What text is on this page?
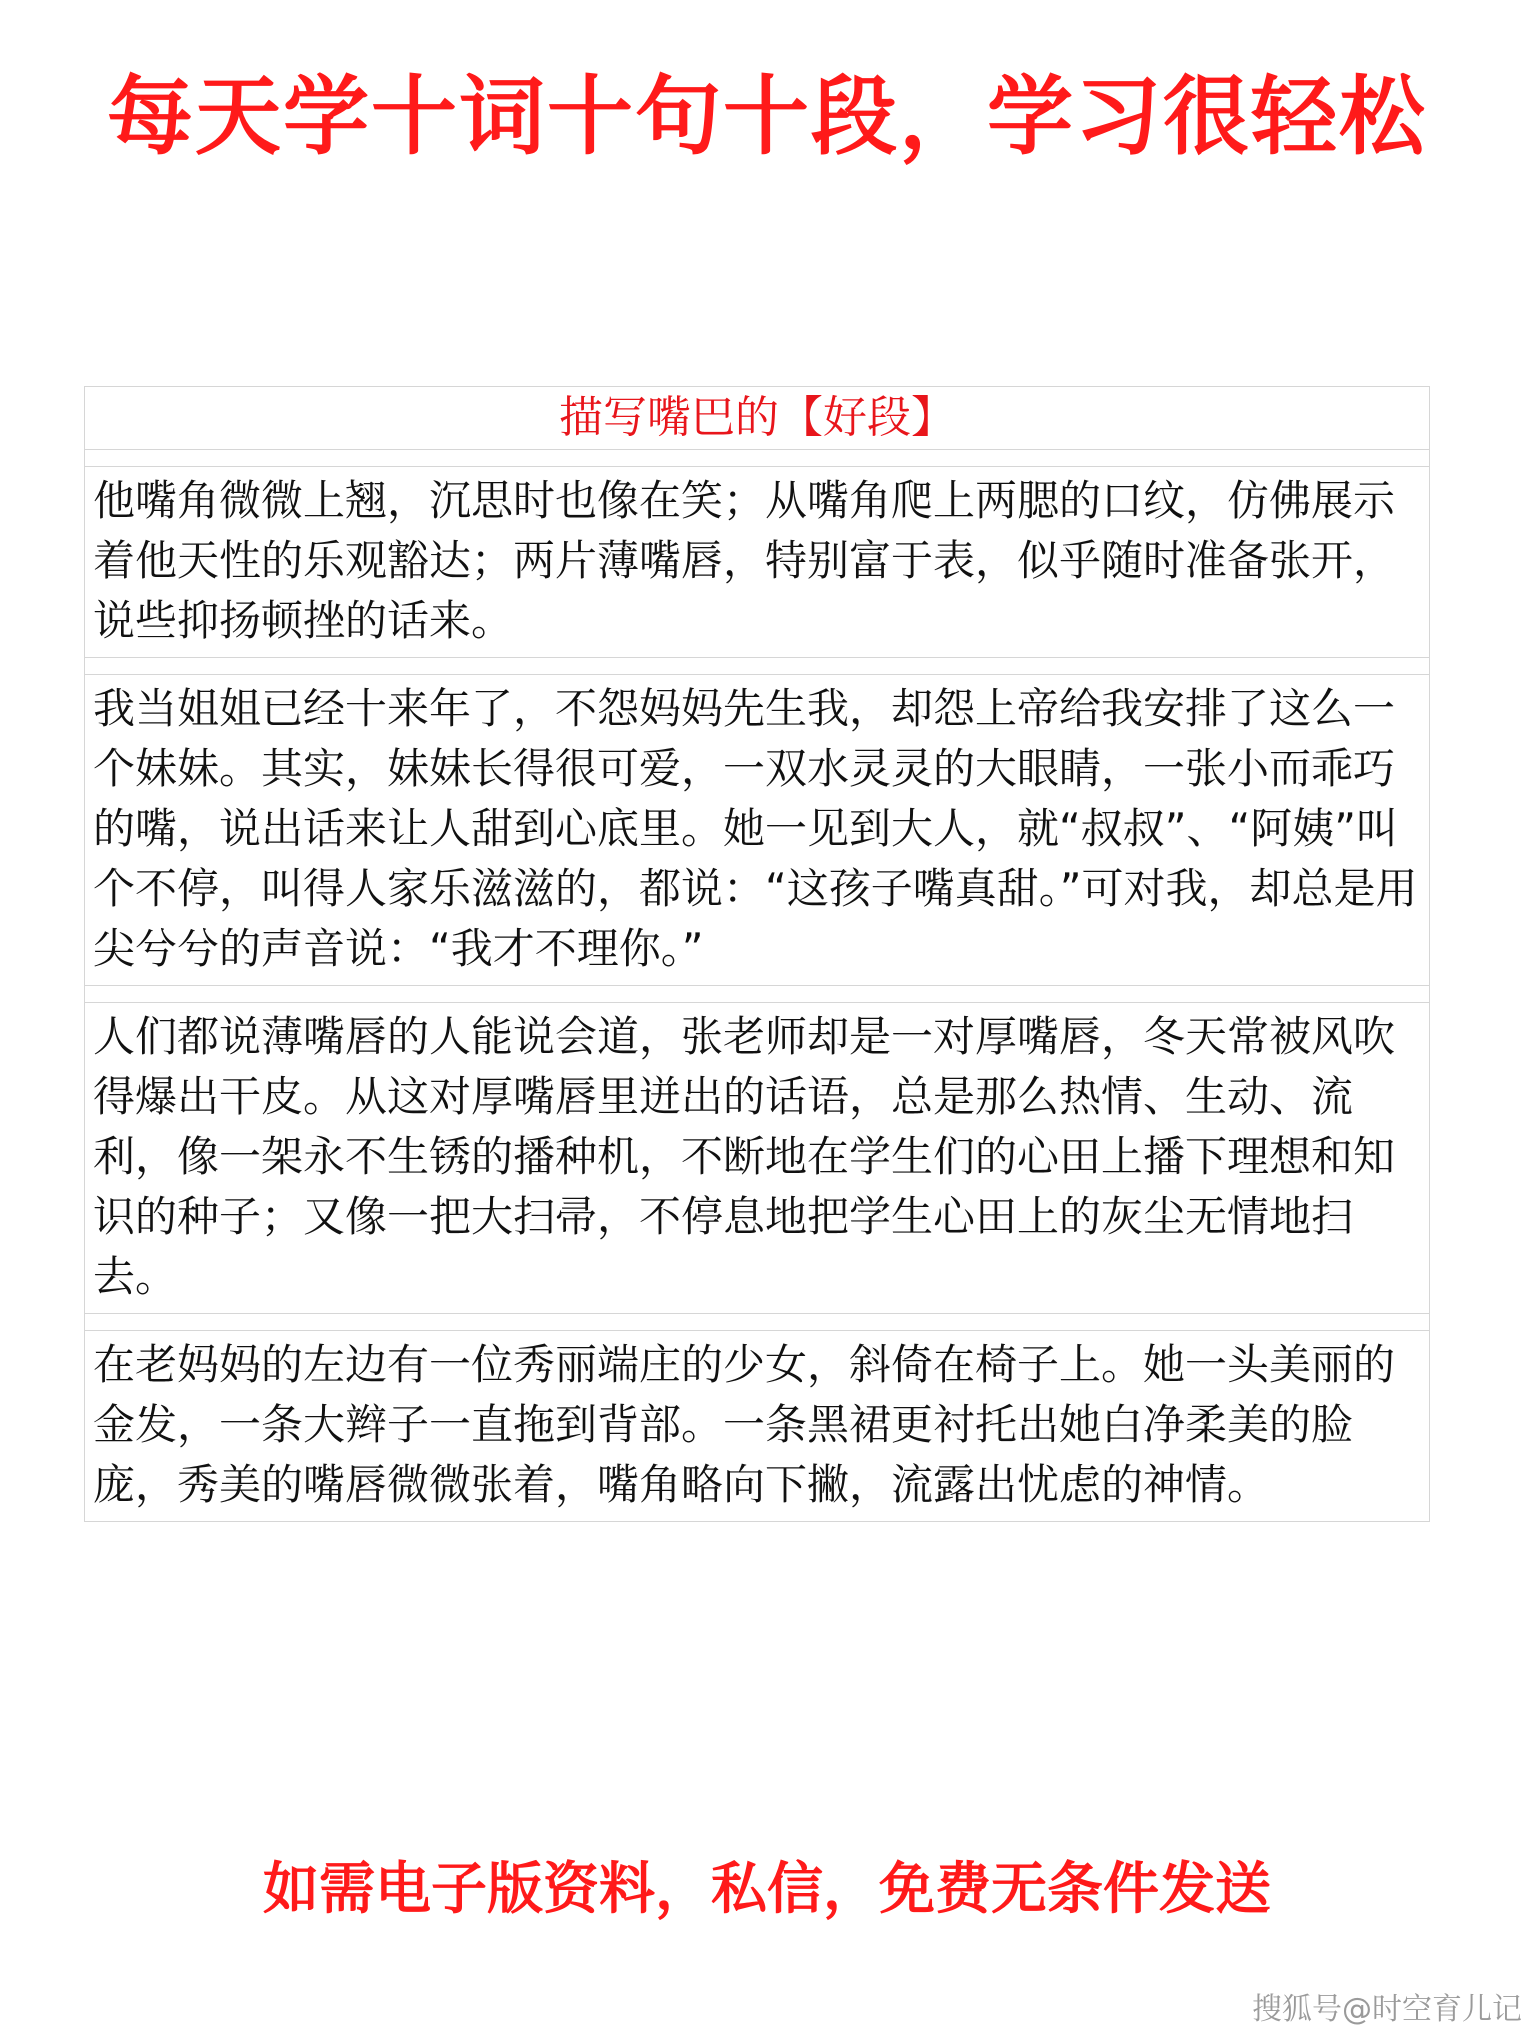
每天学十词十句十段，学习很轻松
描写嘴巴的【好段】
他嘴角微微上翘，沉思时也像在笑；从嘴角爬上两腮的口纹，仿佛展示着他天性的乐观豁达；两片薄嘴唇，特别富于表，似乎随时准备张开，说些抑扬顿挫的话来。
我当姐姐已经十来年了，不怨妈妈先生我，却怨上帝给我安排了这么一个妹妹。其实，妹妹长得很可爱，一双水灵灵的大眼睛，一张小而乖巧的嘴，说出话来让人甜到心底里。她一见到大人，就“叔叔”、“阿姨”叫个不停，叫得人家乐滋滋的，都说：“这孩子嘴真甜。”可对我，却总是用尖兮兮的声音说：“我才不理你。”
人们都说薄嘴唇的人能说会道，张老师却是一对厚嘴唇，冬天常被风吹得爆出干皮。从这对厚嘴唇里迸出的话语，总是那么热情、生动、流利，像一架永不生锈的播种机，不断地在学生们的心田上播下理想和知识的种子；又像一把大扫帚，不停息地把学生心田上的灰尘无情地扫去。
在老妈妈的左边有一位秀丽端庄的少女，斜倚在椅子上。她一头美丽的金发，一条大辫子一直拖到背部。一条黑裙更衬托出她白净柔美的脸庞，秀美的嘴唇微微张着，嘴角略向下撇，流露出忧虑的神情。
如需电子版资料，私信，免费无条件发送
搜狐号@时空育儿记
